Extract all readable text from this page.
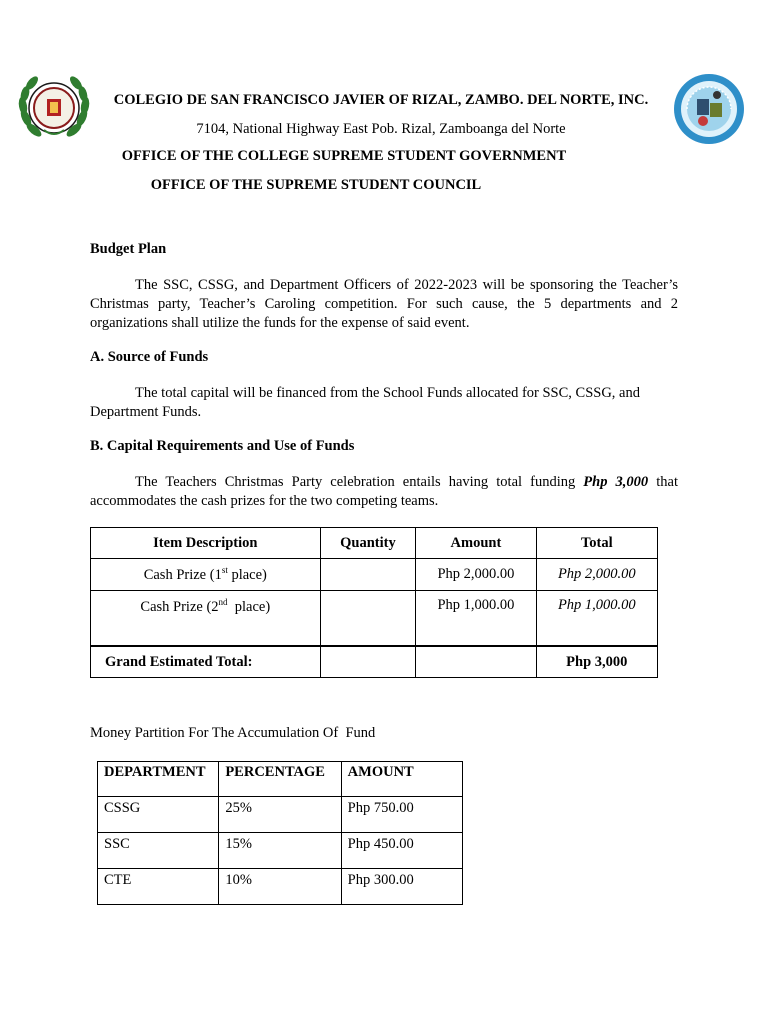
COLEGIO DE SAN FRANCISCO JAVIER OF RIZAL, ZAMBO. DEL NORTE, INC.
7104, National Highway East Pob. Rizal, Zamboanga del Norte
OFFICE OF THE COLLEGE SUPREME STUDENT GOVERNMENT
OFFICE OF THE SUPREME STUDENT COUNCIL
Budget Plan
The SSC, CSSG, and Department Officers of 2022-2023 will be sponsoring the Teacher’s
Christmas party, Teacher’s Caroling competition. For such cause, the 5 departments and 2
organizations shall utilize the funds for the expense of said event.
A. Source of Funds
The total capital will be financed from the School Funds allocated for SSC, CSSG, and
Department Funds.
B. Capital Requirements and Use of Funds
The Teachers Christmas Party celebration entails having total funding Php 3,000 that
accommodates the cash prizes for the two competing teams.
Item Description	Quantity	Amount	Total
Cash Prize (1st place)		Php 2,000.00	Php 2,000.00
Cash Prize (2nd  place)		Php 1,000.00	Php 1,000.00
Grand Estimated Total:			Php 3,000
Money Partition For The Accumulation Of  Fund
DEPARTMENT	PERCENTAGE	AMOUNT
CSSG	25%	Php 750.00
SSC	15%	Php 450.00
CTE	10%	Php 300.00
